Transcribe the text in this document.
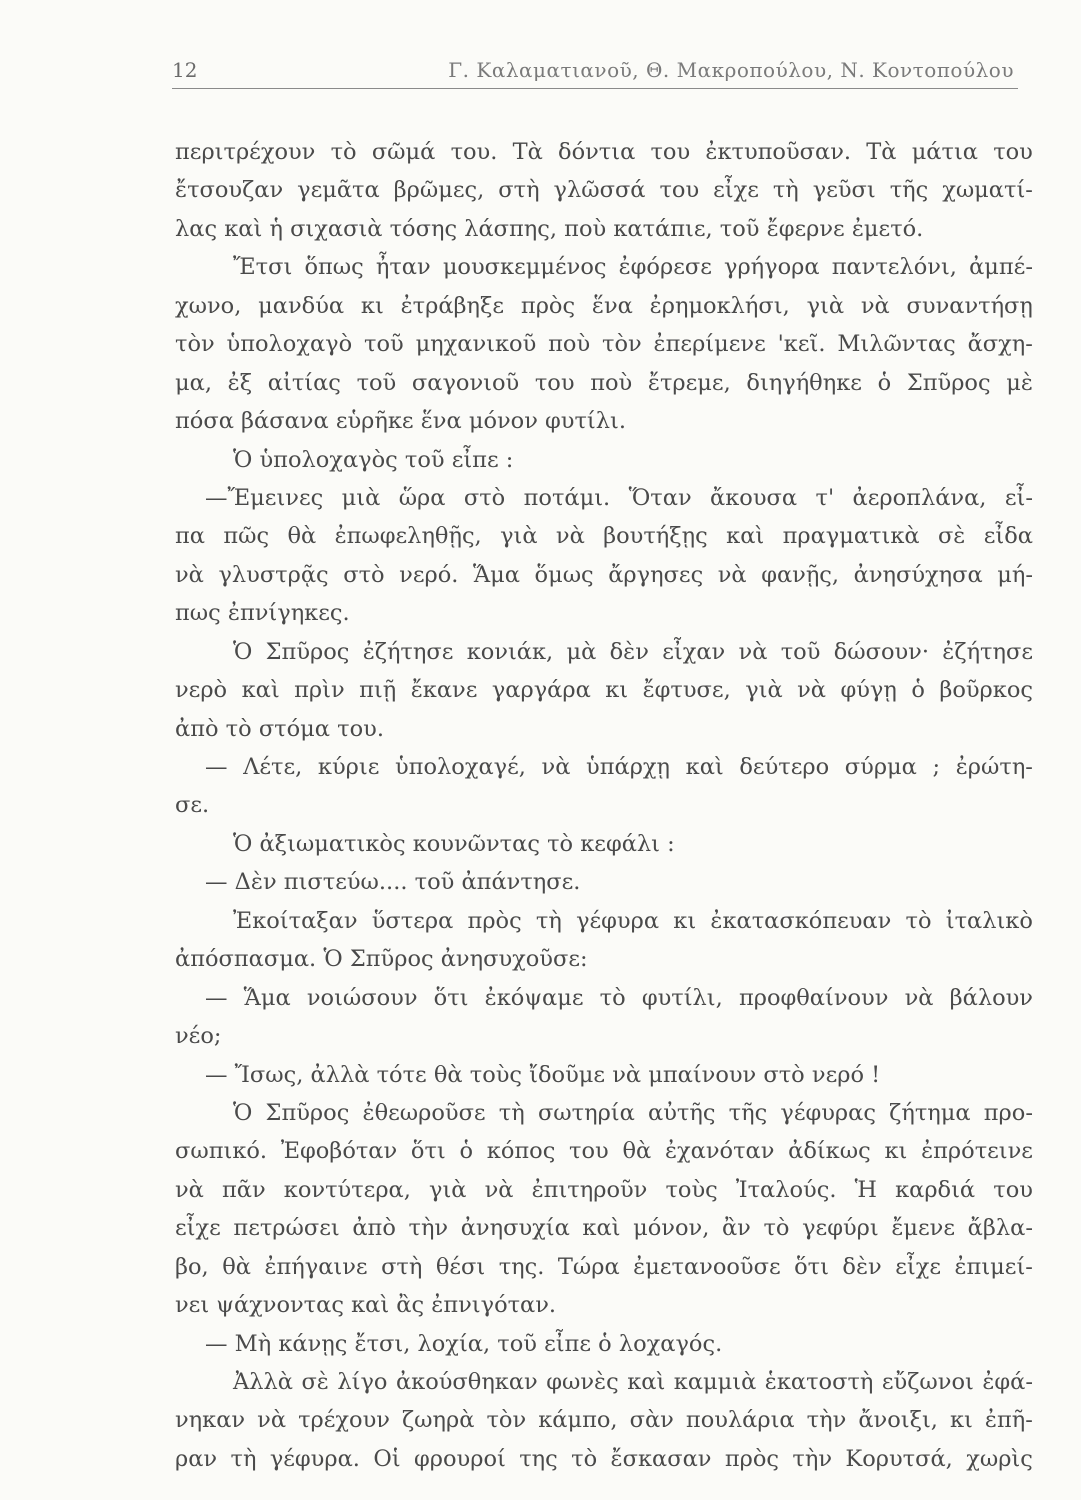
12	Γ. Καλαματιανοῦ, Θ. Μακροπούλου, Ν. Κοντοπούλου
περιτρέχουν τὸ σῶμά του. Τὰ δόντια του ἐκτυποῦσαν. Τὰ μάτια του
ἔτσουζαν γεμᾶτα βρῶμες, στὴ γλῶσσά του εἶχε τὴ γεῦσι τῆς χωματί-
λας καὶ ἡ σιχασιὰ τόσης λάσπης, ποὺ κατάπιε, τοῦ ἔφερνε ἐμετό.
Ἔτσι ὅπως ἦταν μουσκεμμένος ἐφόρεσε γρήγορα παντελόνι, ἀμπέ-
χωνο, μανδύα κι ἐτράβηξε πρὸς ἕνα ἐρημοκλήσι, γιὰ νὰ συναντήσῃ
τὸν ὑπολοχαγὸ τοῦ μηχανικοῦ ποὺ τὸν ἐπερίμενε 'κεῖ. Μιλῶντας ἄσχη-
μα, ἐξ αἰτίας τοῦ σαγονιοῦ του ποὺ ἔτρεμε, διηγήθηκε ὁ Σπῦρος μὲ
πόσα βάσανα εὑρῆκε ἕνα μόνον φυτίλι.
Ὁ ὑπολοχαγὸς τοῦ εἶπε :
—Ἔμεινες μιὰ ὥρα στὸ ποτάμι. Ὅταν ἄκουσα τ' ἀεροπλάνα, εἶ-
πα πῶς θὰ ἐπωφεληθῇς, γιὰ νὰ βουτήξῃς καὶ πραγματικὰ σὲ εἶδα
νὰ γλυστρᾷς στὸ νερό. Ἅμα ὅμως ἄργησες νὰ φανῇς, ἀνησύχησα μή-
πως ἐπνίγηκες.
Ὁ Σπῦρος ἐζήτησε κονιάκ, μὰ δὲν εἶχαν νὰ τοῦ δώσουν· ἐζήτησε
νερὸ καὶ πρὶν πιῇ ἔκανε γαργάρα κι ἔφτυσε, γιὰ νὰ φύγῃ ὁ βοῦρκος
ἀπὸ τὸ στόμα του.
— Λέτε, κύριε ὑπολοχαγέ, νὰ ὑπάρχῃ καὶ δεύτερο σύρμα ; ἐρώτη-
σε.
Ὁ ἀξιωματικὸς κουνῶντας τὸ κεφάλι :
— Δὲν πιστεύω.... τοῦ ἀπάντησε.
Ἐκοίταξαν ὕστερα πρὸς τὴ γέφυρα κι ἐκατασκόπευαν τὸ ἰταλικὸ
ἀπόσπασμα. Ὁ Σπῦρος ἀνησυχοῦσε:
— Ἅμα νοιώσουν ὅτι ἐκόψαμε τὸ φυτίλι, προφθαίνουν νὰ βάλουν
νέο;
— Ἴσως, ἀλλὰ τότε θὰ τοὺς ἴδοῦμε νὰ μπαίνουν στὸ νερό !
Ὁ Σπῦρος ἐθεωροῦσε τὴ σωτηρία αὐτῆς τῆς γέφυρας ζήτημα προ-
σωπικό. Ἐφοβόταν ὅτι ὁ κόπος του θὰ ἐχανόταν ἀδίκως κι ἐπρότεινε
νὰ πᾶν κοντύτερα, γιὰ νὰ ἐπιτηροῦν τοὺς Ἰταλούς. Ἡ καρδιά του
εἶχε πετρώσει ἀπὸ τὴν ἀνησυχία καὶ μόνον, ἂν τὸ γεφύρι ἔμενε ἄβλα-
βο, θὰ ἐπήγαινε στὴ θέσι της. Τώρα ἐμετανοοῦσε ὅτι δὲν εἶχε ἐπιμεί-
νει ψάχνοντας καὶ ἂς ἐπνιγόταν.
— Μὴ κάνῃς ἔτσι, λοχία, τοῦ εἶπε ὁ λοχαγός.
Ἀλλὰ σὲ λίγο ἀκούσθηκαν φωνὲς καὶ καμμιὰ ἑκατοστὴ εὔζωνοι ἐφά-
νηκαν νὰ τρέχουν ζωηρὰ τὸν κάμπο, σὰν πουλάρια τὴν ἄνοιξι, κι ἐπῆ-
ραν τὴ γέφυρα. Οἱ φρουροί της τὸ ἔσκασαν πρὸς τὴν Κορυτσά, χωρὶς
